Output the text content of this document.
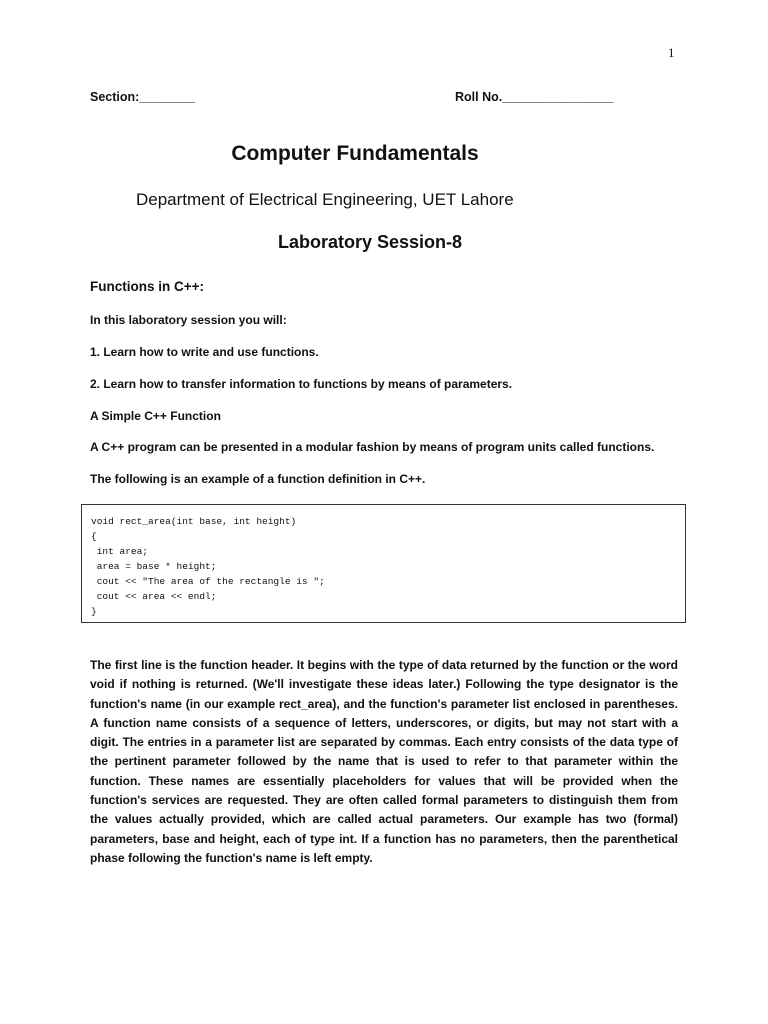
1
Section:________	Roll No.________________
Computer Fundamentals
Department of Electrical Engineering, UET Lahore
Laboratory Session-8
Functions in C++:
In this laboratory session you will:
1. Learn how to write and use functions.
2. Learn how to transfer information to functions by means of parameters.
A Simple C++ Function
A C++ program can be presented in a modular fashion by means of program units called functions.
The following is an example of a function definition in C++.
void rect_area(int base, int height)
{
int area;
area = base * height;
cout << "The area of the rectangle is ";
cout << area << endl;
}
The first line is the function header. It begins with the type of data returned by the function or the word void if nothing is returned. (We'll investigate these ideas later.) Following the type designator is the function's name (in our example rect_area), and the function's parameter list enclosed in parentheses. A function name consists of a sequence of letters, underscores, or digits, but may not start with a digit. The entries in a parameter list are separated by commas. Each entry consists of the data type of the pertinent parameter followed by the name that is used to refer to that parameter within the function. These names are essentially placeholders for values that will be provided when the function's services are requested. They are often called formal parameters to distinguish them from the values actually provided, which are called actual parameters. Our example has two (formal) parameters, base and height, each of type int. If a function has no parameters, then the parenthetical phase following the function's name is left empty.
